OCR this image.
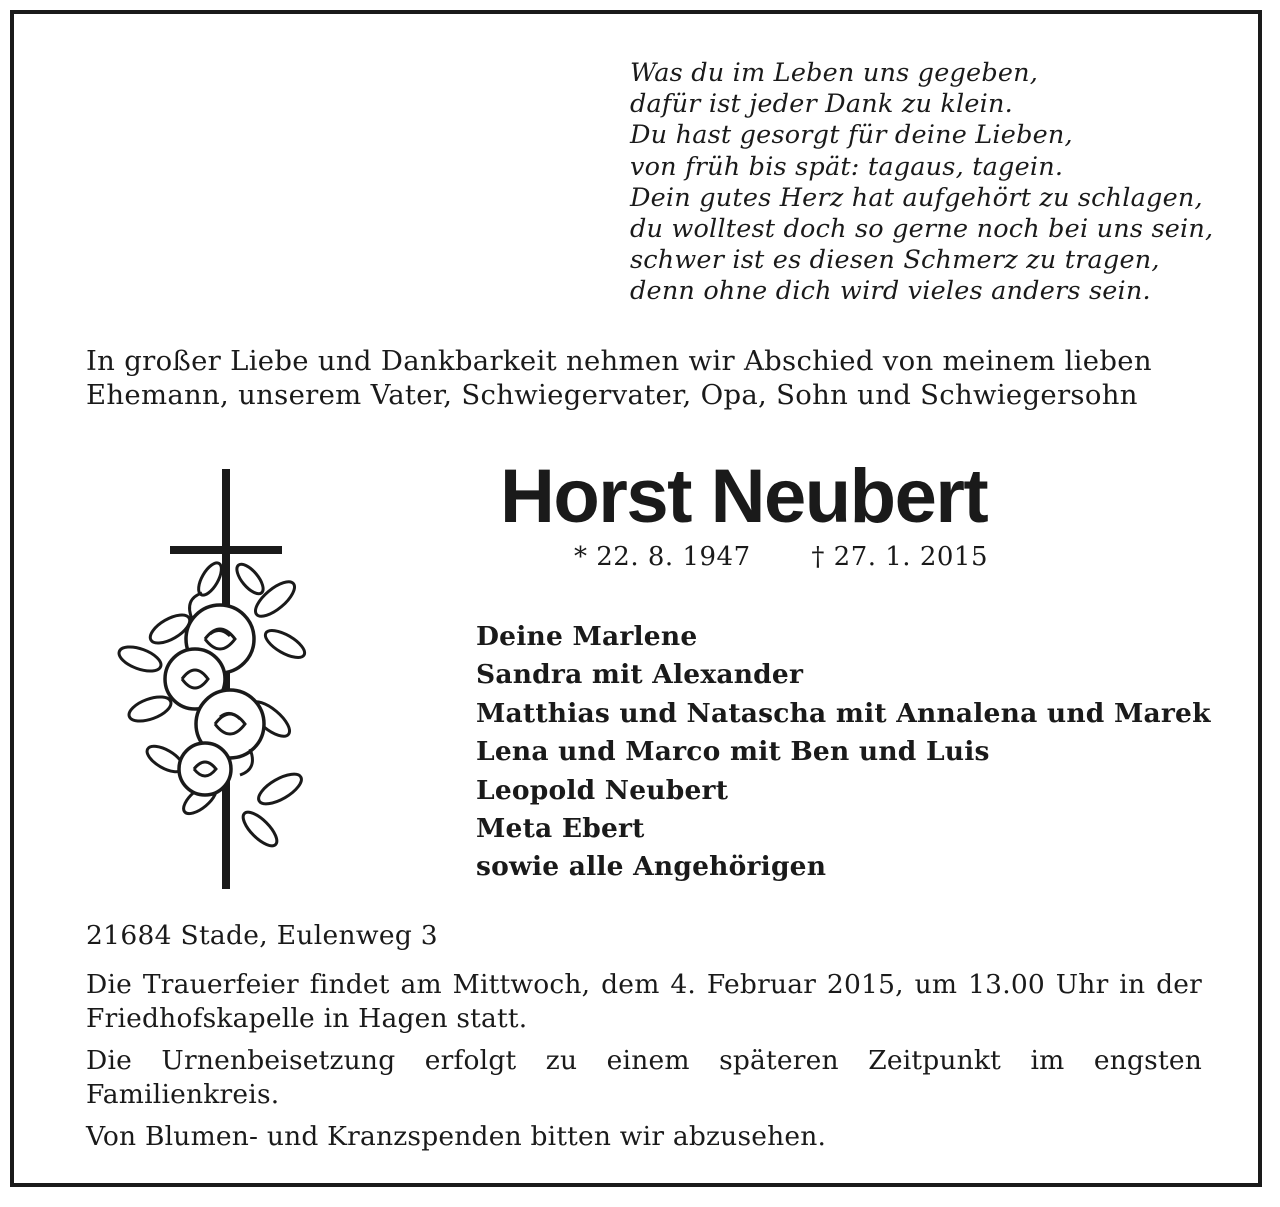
Was du im Leben uns gegeben,
dafür ist jeder Dank zu klein.
Du hast gesorgt für deine Lieben,
von früh bis spät: tagaus, tagein.
Dein gutes Herz hat aufgehört zu schlagen,
du wolltest doch so gerne noch bei uns sein,
schwer ist es diesen Schmerz zu tragen,
denn ohne dich wird vieles anders sein.
In großer Liebe und Dankbarkeit nehmen wir Abschied von meinem lieben
Ehemann, unserem Vater, Schwiegervater, Opa, Sohn und Schwiegersohn
Horst Neubert
* 22. 8. 1947 † 27. 1. 2015
Deine Marlene
Sandra mit Alexander
Matthias und Natascha mit Annalena und Marek
Lena und Marco mit Ben und Luis
Leopold Neubert
Meta Ebert
sowie alle Angehörigen
21684 Stade, Eulenweg 3

Die Trauerfeier findet am Mittwoch, dem 4. Februar 2015, um 13.00 Uhr in der Friedhofskapelle in Hagen statt.

Die Urnenbeisetzung erfolgt zu einem späteren Zeitpunkt im engsten Familienkreis.

Von Blumen- und Kranzspenden bitten wir abzusehen.
